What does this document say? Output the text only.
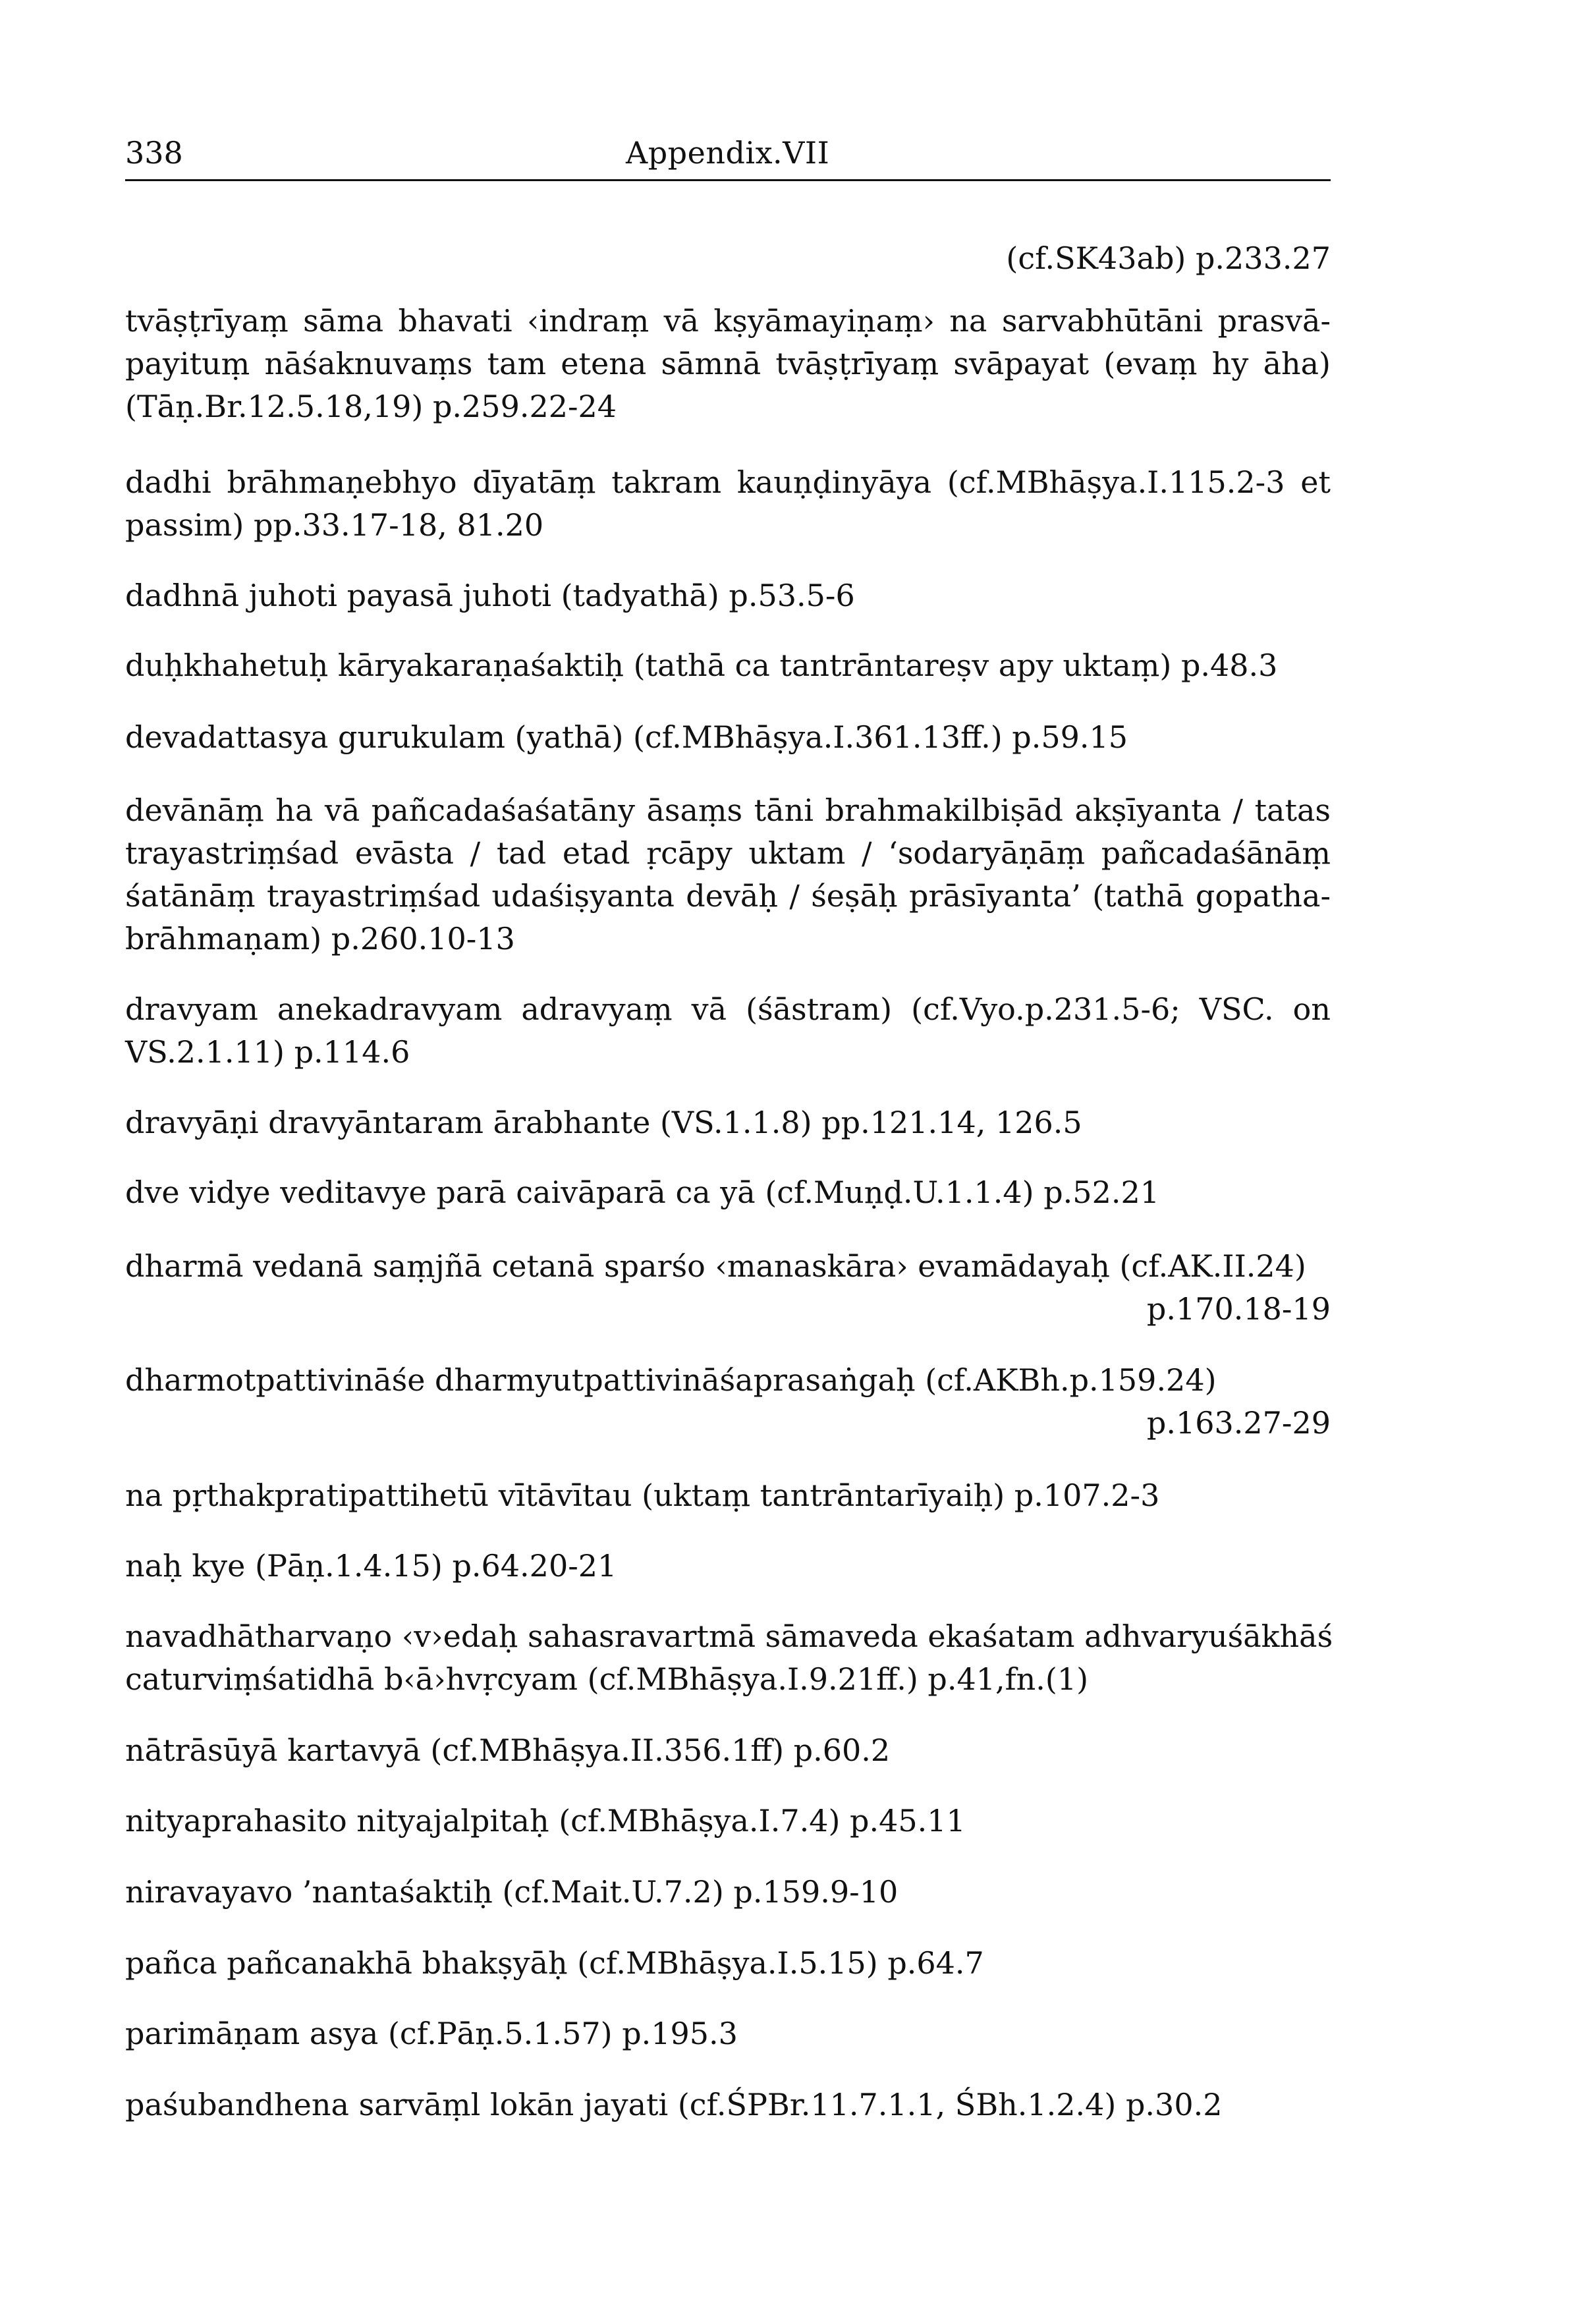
338	Appendix.VII

(cf.SK43ab) p.233.27

tvāṣṭrīyaṃ sāma bhavati ‹indraṃ vā kṣyāmayiṇaṃ› na sarvabhūtāni prasvā-
payituṃ nāśaknuvaṃs tam etena sāmnā tvāṣṭrīyaṃ svāpayat (evaṃ hy āha)
(Tāṇ.Br.12.5.18,19) p.259.22-24

dadhi brāhmaṇebhyo dīyatāṃ takram kauṇḍinyāya (cf.MBhāṣya.I.115.2-3 et
passim) pp.33.17-18, 81.20

dadhnā juhoti payasā juhoti (tadyathā) p.53.5-6

duḥkhahetuḥ kāryakaraṇaśaktiḥ (tathā ca tantrāntareṣv apy uktaṃ) p.48.3

devadattasya gurukulam (yathā) (cf.MBhāṣya.I.361.13ff.) p.59.15

devānāṃ ha vā pañcadaśaśatāny āsaṃs tāni brahmakilbiṣād akṣīyanta / tatas
trayastriṃśad evāsta / tad etad ṛcāpy uktam / ‘sodaryāṇāṃ pañcadaśānāṃ
śatānāṃ trayastriṃśad udaśiṣyanta devāḥ / śeṣāḥ prāsīyanta’ (tathā gopatha-
brāhmaṇam) p.260.10-13

dravyam anekadravyam adravyaṃ vā (śāstram) (cf.Vyo.p.231.5-6; VSC. on
VS.2.1.11) p.114.6

dravyāṇi dravyāntaram ārabhante (VS.1.1.8) pp.121.14, 126.5

dve vidye veditavye parā caivāparā ca yā (cf.Muṇḍ.U.1.1.4) p.52.21

dharmā vedanā saṃjñā cetanā sparśo ‹manaskāra› evamādayaḥ (cf.AK.II.24)
p.170.18-19

dharmotpattivināśe dharmyutpattivināśaprasaṅgaḥ (cf.AKBh.p.159.24)
p.163.27-29

na pṛthakpratipattihetū vītāvītau (uktaṃ tantrāntarīyaiḥ) p.107.2-3

naḥ kye (Pāṇ.1.4.15) p.64.20-21

navadhātharvaṇo ‹v›edaḥ sahasravartmā sāmaveda ekaśatam adhvaryuśākhāś
caturviṃśatidhā b‹ā›hvṛcyam (cf.MBhāṣya.I.9.21ff.) p.41,fn.(1)

nātrāsūyā kartavyā (cf.MBhāṣya.II.356.1ff) p.60.2

nityaprahasito nityajalpitaḥ (cf.MBhāṣya.I.7.4) p.45.11

niravayavo ’nantaśaktiḥ (cf.Mait.U.7.2) p.159.9-10

pañca pañcanakhā bhakṣyāḥ (cf.MBhāṣya.I.5.15) p.64.7

parimāṇam asya (cf.Pāṇ.5.1.57) p.195.3

paśubandhena sarvāṃl lokān jayati (cf.ŚPBr.11.7.1.1, ŚBh.1.2.4) p.30.2
